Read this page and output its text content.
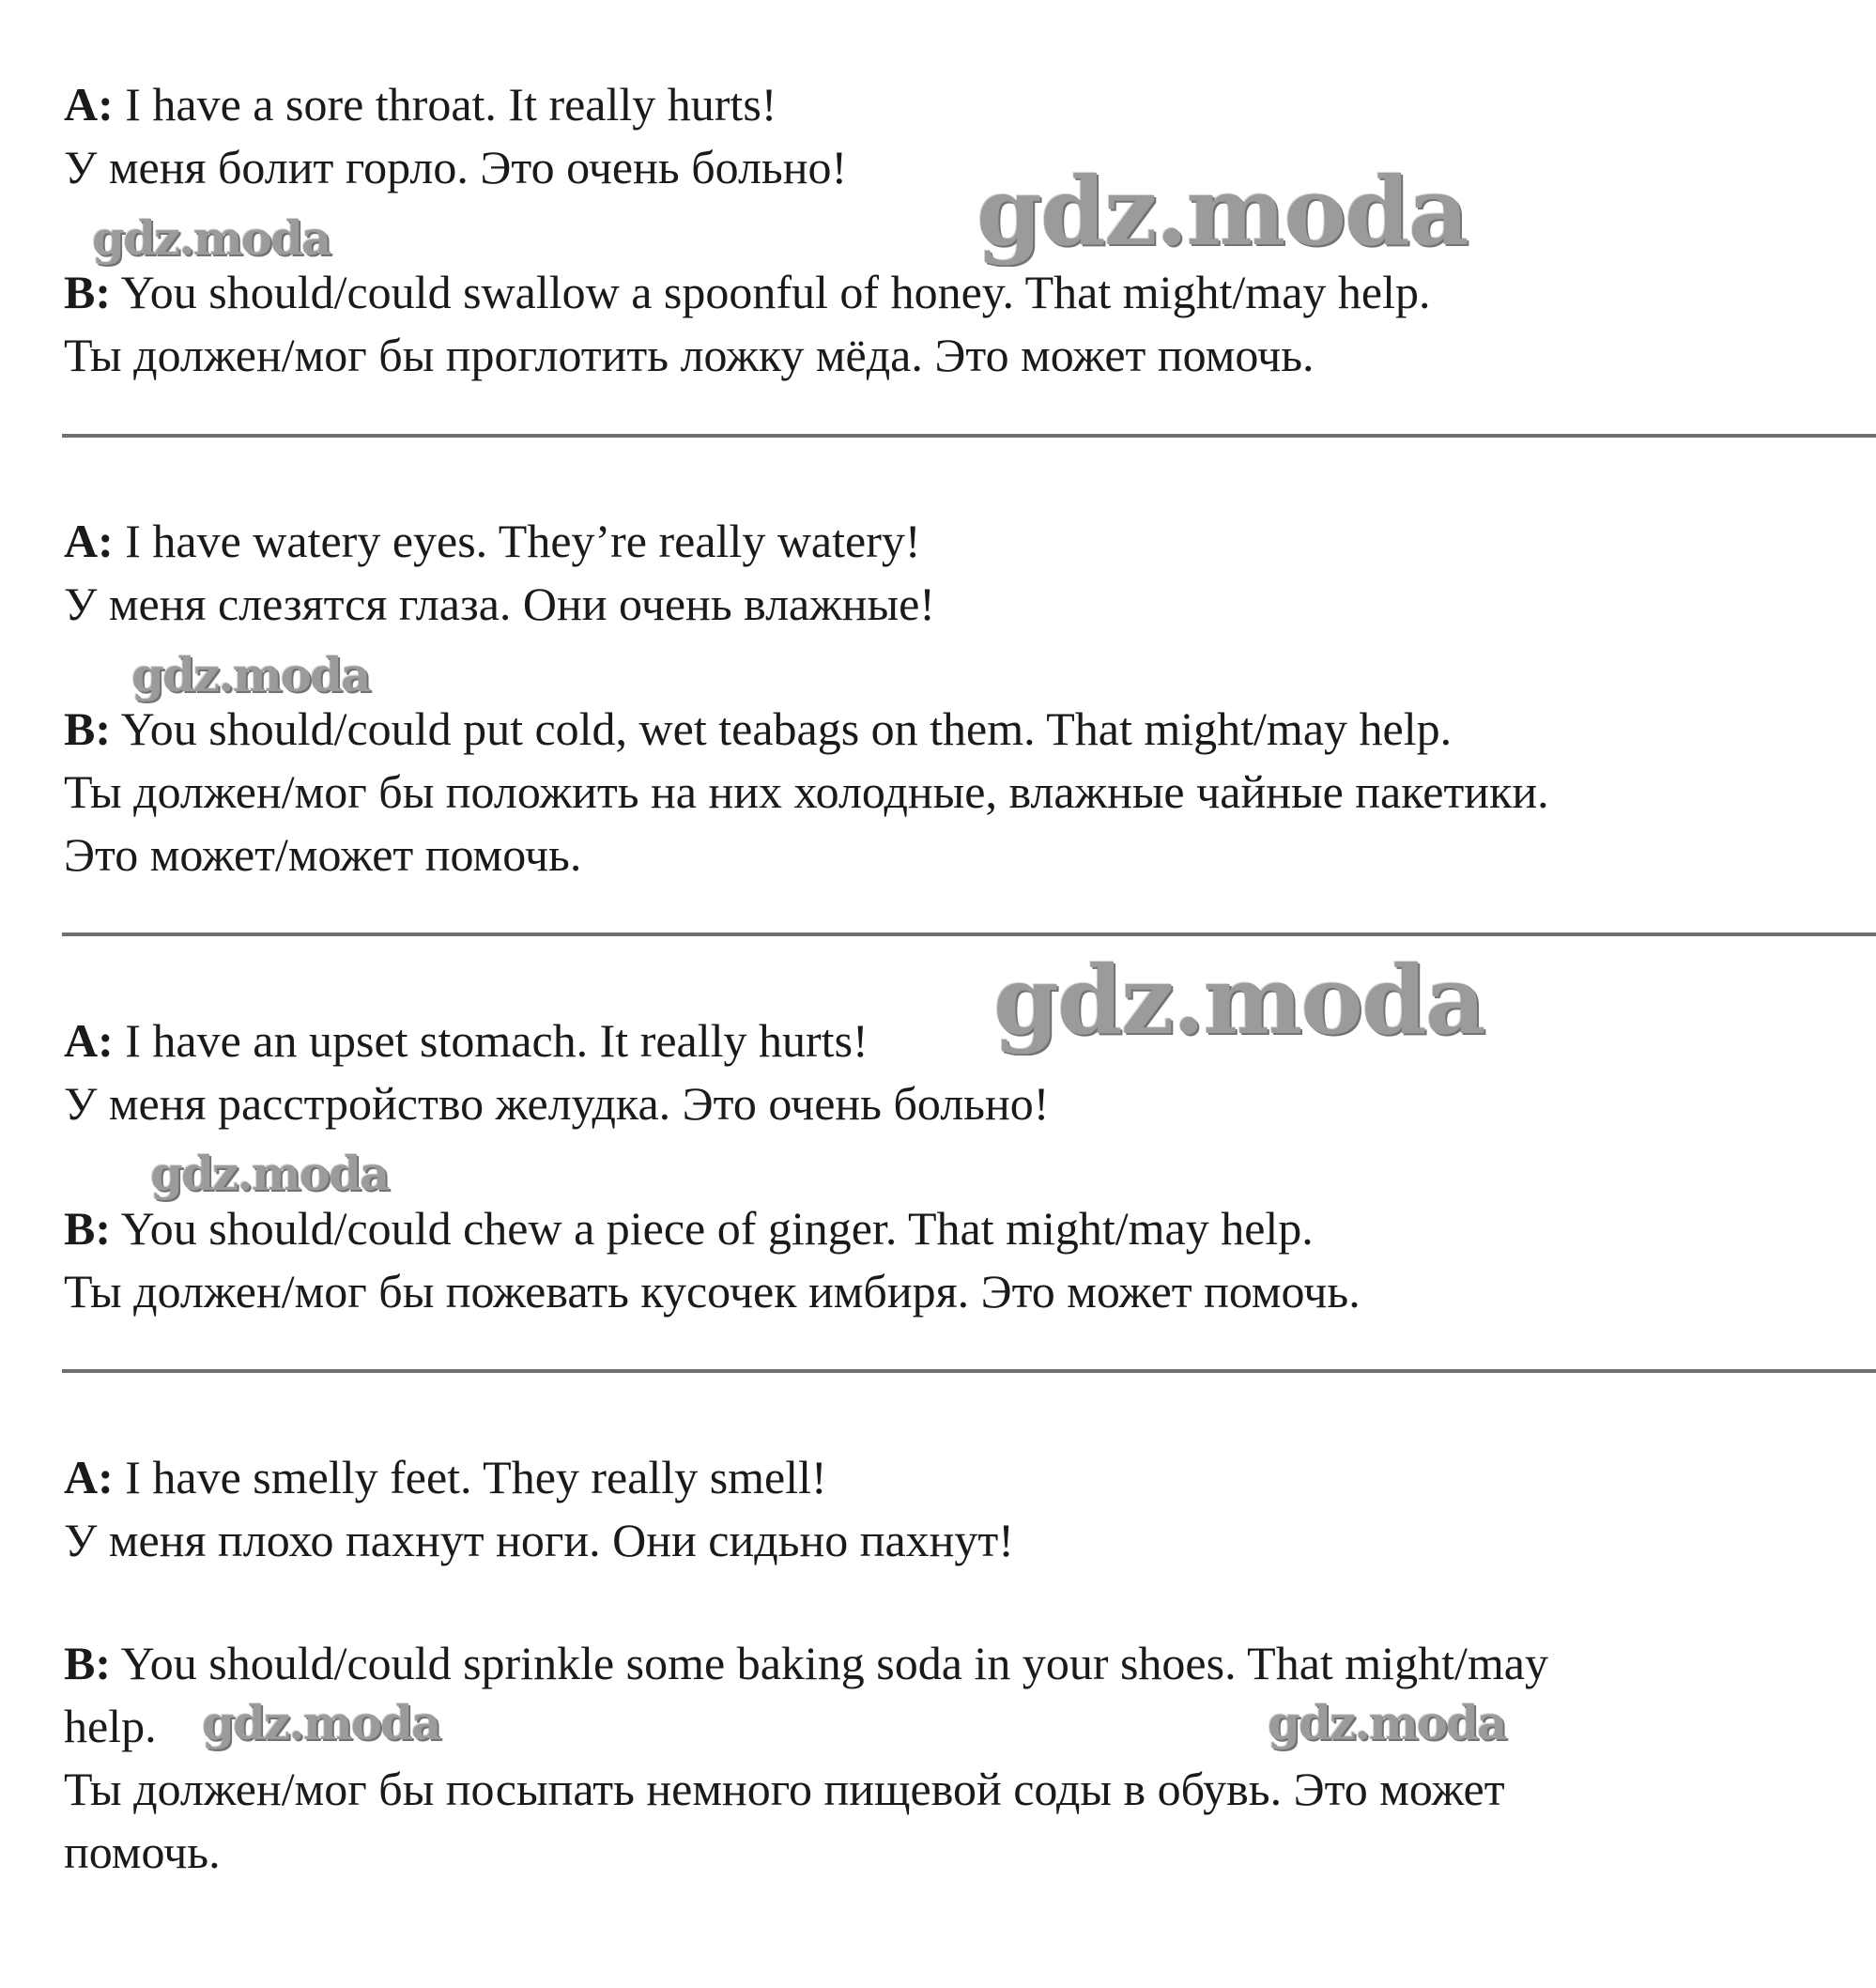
A: I have a sore throat. It really hurts!
У меня болит горло. Это очень больно!
B: You should/could swallow a spoonful of honey. That might/may help.
Ты должен/мог бы проглотить ложку мёда. Это может помочь.
A: I have watery eyes. They’re really watery!
У меня слезятся глаза. Они очень влажные!
B: You should/could put cold, wet teabags on them. That might/may help.
Ты должен/мог бы положить на них холодные, влажные чайные пакетики.
Это может/может помочь.
A: I have an upset stomach. It really hurts!
У меня расстройство желудка. Это очень больно!
B: You should/could chew a piece of ginger. That might/may help.
Ты должен/мог бы пожевать кусочек имбиря. Это может помочь.
A: I have smelly feet. They really smell!
У меня плохо пахнут ноги. Они сидьно пахнут!
B: You should/could sprinkle some baking soda in your shoes. That might/may
help.
Ты должен/мог бы посыпать немного пищевой соды в обувь. Это может
помочь.
gdz.moda
gdz.moda
gdz.moda
gdz.moda
gdz.moda
gdz.moda	gdz.moda
